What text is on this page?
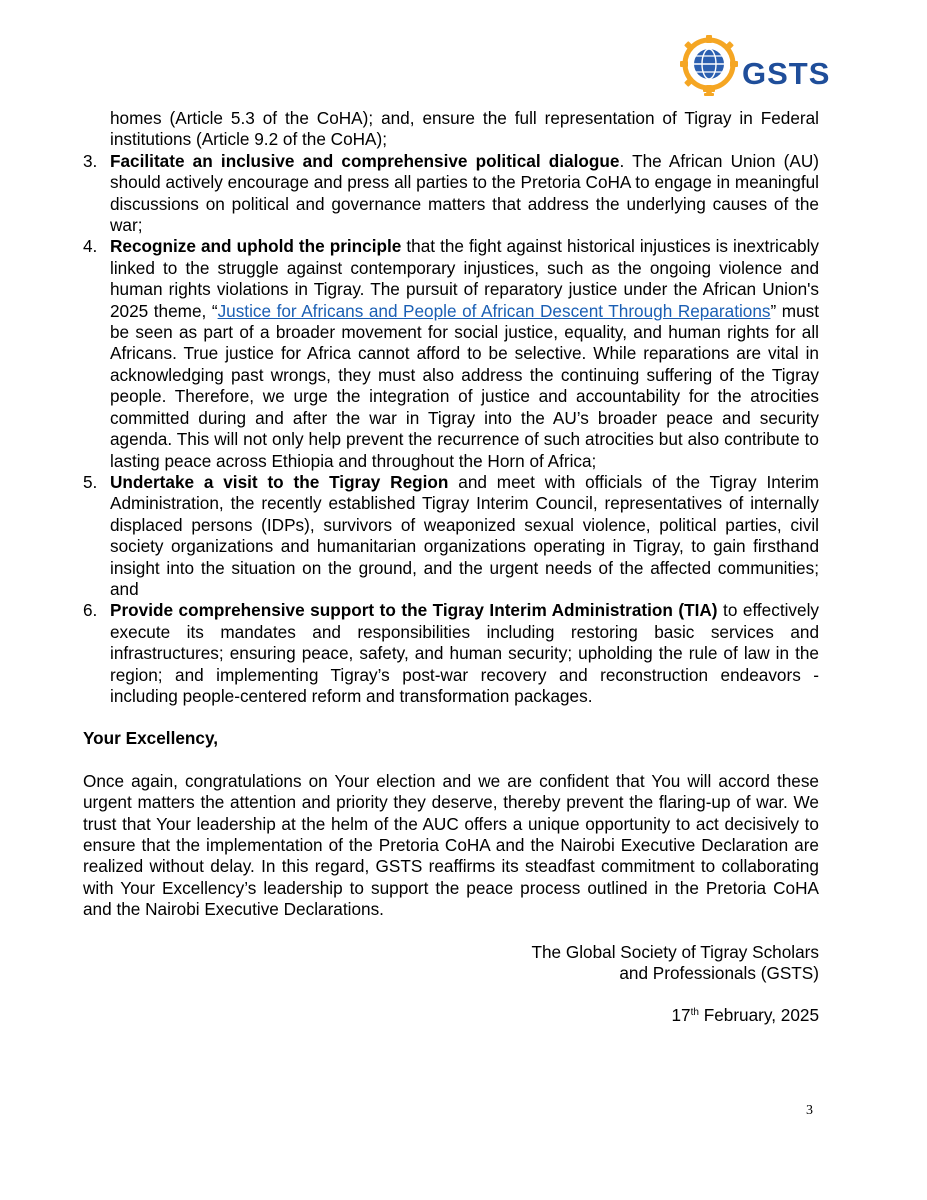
GSTS

homes (Article 5.3 of the CoHA); and, ensure the full representation of Tigray in Federal institutions (Article 9.2 of the CoHA);

3. Facilitate an inclusive and comprehensive political dialogue. The African Union (AU) should actively encourage and press all parties to the Pretoria CoHA to engage in meaningful discussions on political and governance matters that address the underlying causes of the war;
4. Recognize and uphold the principle that the fight against historical injustices is inextricably linked to the struggle against contemporary injustices, such as the ongoing violence and human rights violations in Tigray. The pursuit of reparatory justice under the African Union's 2025 theme, “Justice for Africans and People of African Descent Through Reparations” must be seen as part of a broader movement for social justice, equality, and human rights for all Africans. True justice for Africa cannot afford to be selective. While reparations are vital in acknowledging past wrongs, they must also address the continuing suffering of the Tigray people. Therefore, we urge the integration of justice and accountability for the atrocities committed during and after the war in Tigray into the AU’s broader peace and security agenda. This will not only help prevent the recurrence of such atrocities but also contribute to lasting peace across Ethiopia and throughout the Horn of Africa;
5. Undertake a visit to the Tigray Region and meet with officials of the Tigray Interim Administration, the recently established Tigray Interim Council, representatives of internally displaced persons (IDPs), survivors of weaponized sexual violence, political parties, civil society organizations and humanitarian organizations operating in Tigray, to gain firsthand insight into the situation on the ground, and the urgent needs of the affected communities; and
6. Provide comprehensive support to the Tigray Interim Administration (TIA) to effectively execute its mandates and responsibilities including restoring basic services and infrastructures; ensuring peace, safety, and human security; upholding the rule of law in the region; and implementing Tigray’s post-war recovery and reconstruction endeavors - including people-centered reform and transformation packages.

Your Excellency,

Once again, congratulations on Your election and we are confident that You will accord these urgent matters the attention and priority they deserve, thereby prevent the flaring-up of war. We trust that Your leadership at the helm of the AUC offers a unique opportunity to act decisively to ensure that the implementation of the Pretoria CoHA and the Nairobi Executive Declaration are realized without delay. In this regard, GSTS reaffirms its steadfast commitment to collaborating with Your Excellency’s leadership to support the peace process outlined in the Pretoria CoHA and the Nairobi Executive Declarations.

The Global Society of Tigray Scholars

and Professionals (GSTS)

17th February, 2025

3
